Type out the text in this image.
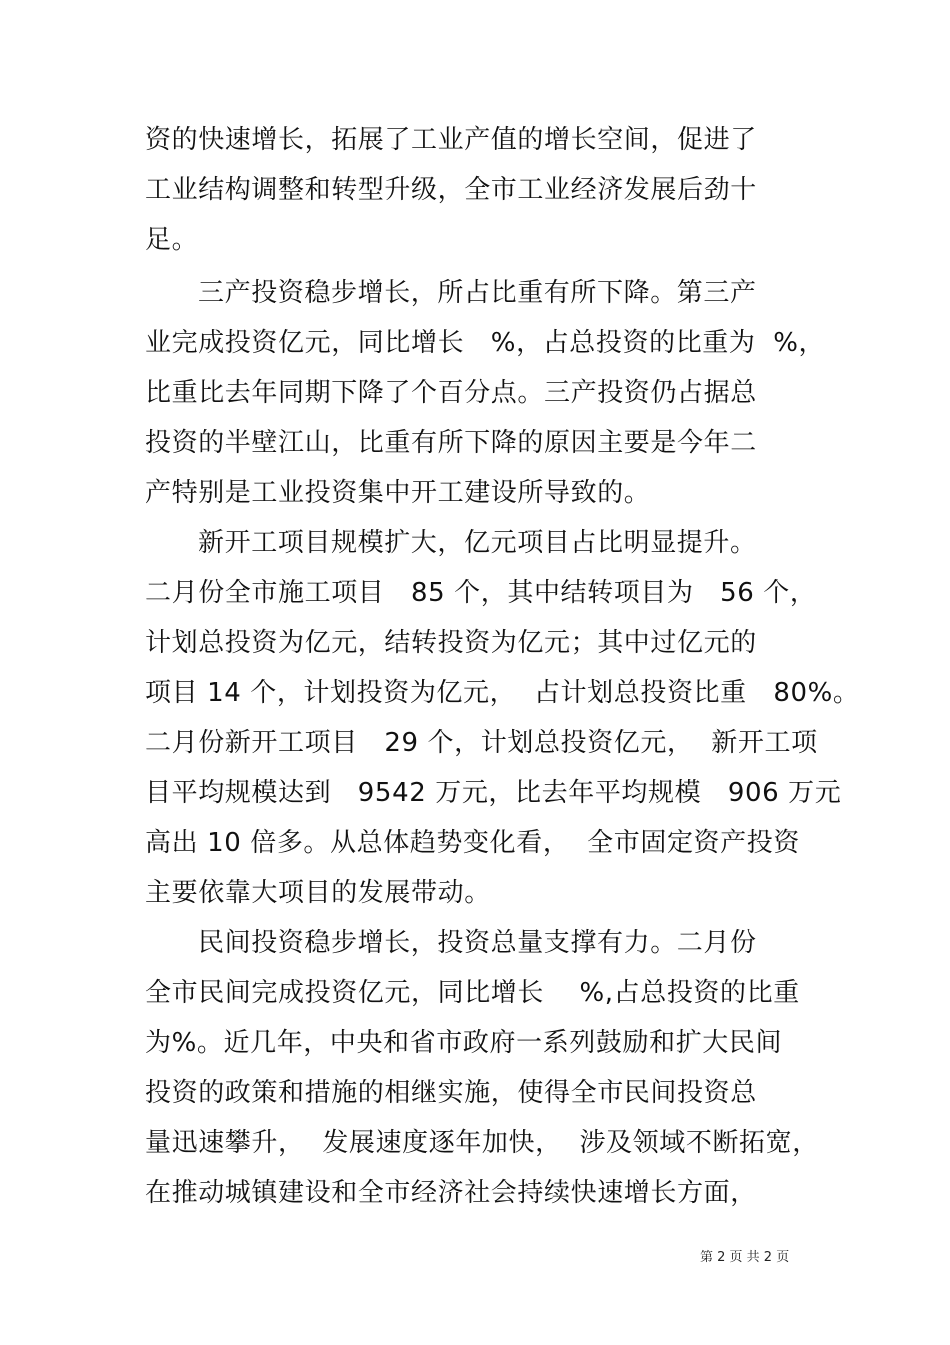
资的快速增长，拓展了工业产值的增长空间，促进了
工业结构调整和转型升级，全市工业经济发展后劲十
足。
三产投资稳步增长，所占比重有所下降。第三产
业完成投资亿元，同比增长   %，占总投资的比重为  %，
比重比去年同期下降了个百分点。三产投资仍占据总
投资的半壁江山，比重有所下降的原因主要是今年二
产特别是工业投资集中开工建设所导致的。
新开工项目规模扩大，亿元项目占比明显提升。
二月份全市施工项目   85 个，其中结转项目为   56 个，
计划总投资为亿元，结转投资为亿元；其中过亿元的
项目 14 个，计划投资为亿元，  占计划总投资比重   80%。
二月份新开工项目   29 个，计划总投资亿元，  新开工项
目平均规模达到   9542 万元，比去年平均规模   906 万元
高出 10 倍多。从总体趋势变化看，  全市固定资产投资
主要依靠大项目的发展带动。
民间投资稳步增长，投资总量支撑有力。二月份
全市民间完成投资亿元，同比增长    %,占总投资的比重
为%。近几年，中央和省市政府一系列鼓励和扩大民间
投资的政策和措施的相继实施，使得全市民间投资总
量迅速攀升，  发展速度逐年加快，  涉及领域不断拓宽，
在推动城镇建设和全市经济社会持续快速增长方面，
第 2 页 共 2 页
